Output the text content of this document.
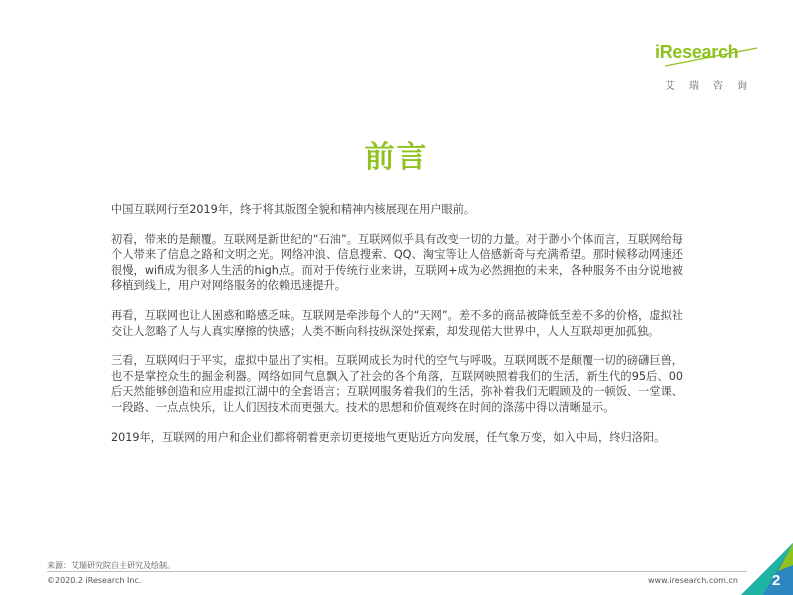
iResearch
艾瑞咨询
前言

中国互联网行至2019年，终于将其版图全貌和精神内核展现在用户眼前。

初看，带来的是颠覆。互联网是新世纪的“石油”。互联网似乎具有改变一切的力量。对于渺小个体而言，互联网给每个人带来了信息之路和文明之光。网络冲浪、信息搜索、QQ、淘宝等让人倍感新奇与充满希望。那时候移动网速还很慢，wifi成为很多人生活的high点。而对于传统行业来讲，互联网+成为必然拥抱的未来，各种服务不由分说地被移植到线上，用户对网络服务的依赖迅速提升。

再看，互联网也让人困惑和略感乏味。互联网是牵涉每个人的“天网”。差不多的商品被降低至差不多的价格，虚拟社交让人忽略了人与人真实摩擦的快感；人类不断向科技纵深处探索，却发现偌大世界中，人人互联却更加孤独。

三看，互联网归于平实，虚拟中显出了实相。互联网成长为时代的空气与呼吸。互联网既不是颠覆一切的磅礴巨兽，也不是掌控众生的掘金利器。网络如同气息飘入了社会的各个角落，互联网映照着我们的生活，新生代的95后、00后天然能够创造和应用虚拟江湖中的全套语言；互联网服务着我们的生活，弥补着我们无暇顾及的一顿饭、一堂课、一段路、一点点快乐，让人们因技术而更强大。技术的思想和价值观终在时间的涤荡中得以清晰显示。

2019年，互联网的用户和企业们都将朝着更亲切更接地气更贴近方向发展，任气象万变，如入中局，终归洛阳。

来源：艾瑞研究院自主研究及绘制。
©2020.2 iResearch Inc.	www.iresearch.com.cn 2
